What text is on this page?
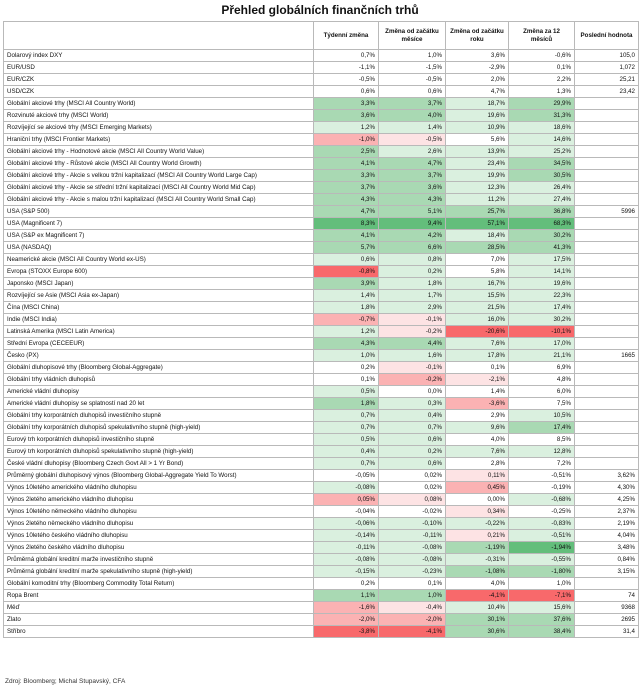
Přehled globálních finančních trhů
	Týdenní změna	Změna od začátku měsíce	Změna od začátku roku	Změna za 12 měsíců	Poslední hodnota
Dolarový index DXY	0,7%	1,0%	3,6%	-0,6%	105,0
EUR/USD	-1,1%	-1,5%	-2,9%	0,1%	1,072
EUR/CZK	-0,5%	-0,5%	2,0%	2,2%	25,21
USD/CZK	0,6%	0,6%	4,7%	1,3%	23,42
Globální akciové trhy (MSCI All Country World)	3,3%	3,7%	18,7%	29,9%	
Rozvinuté akciové trhy (MSCI World)	3,6%	4,0%	19,6%	31,3%	
Rozvíjející se akciové trhy (MSCI Emerging Markets)	1,2%	1,4%	10,9%	18,6%	
Hraniční trhy (MSCI Frontier Markets)	-1,0%	-0,5%	5,6%	14,6%	
Globální akciové trhy - Hodnotové akcie (MSCI All Country World Value)	2,5%	2,6%	13,9%	25,2%	
Globální akciové trhy - Růstové akcie (MSCI All Country World Growth)	4,1%	4,7%	23,4%	34,5%	
Globální akciové trhy - Akcie s velkou tržní kapitalizací (MSCI All Country World Large Cap)	3,3%	3,7%	19,9%	30,5%	
Globální akciové trhy - Akcie se střední tržní kapitalizací (MSCI All Country World Mid Cap)	3,7%	3,6%	12,3%	26,4%	
Globální akciové trhy - Akcie s malou tržní kapitalizací (MSCI All Country World Small Cap)	4,3%	4,3%	11,2%	27,4%	
USA (S&P 500)	4,7%	5,1%	25,7%	36,8%	5996
USA (Magnificent 7)	8,3%	9,4%	57,1%	68,3%	
USA (S&P ex Magnificent 7)	4,1%	4,2%	18,4%	30,2%	
USA (NASDAQ)	5,7%	6,6%	28,5%	41,3%	
Neamerické akcie (MSCI All Country World ex-US)	0,6%	0,8%	7,0%	17,5%	
Evropa (STOXX Europe 600)	-0,8%	0,2%	5,8%	14,1%	
Japonsko (MSCI Japan)	3,9%	1,8%	16,7%	19,6%	
Rozvíjející se Asie (MSCI Asia ex-Japan)	1,4%	1,7%	15,5%	22,3%	
Čína (MSCI China)	1,8%	2,9%	21,5%	17,4%	
Indie (MSCI India)	-0,7%	-0,1%	16,0%	30,2%	
Latinská Amerika (MSCI Latin America)	1,2%	-0,2%	-20,6%	-10,1%	
Střední Evropa (CECEEUR)	4,3%	4,4%	7,6%	17,0%	
Česko (PX)	1,0%	1,6%	17,8%	21,1%	1665
Globální dluhopisové trhy (Bloomberg Global-Aggregate)	0,2%	-0,1%	0,1%	6,9%	
Globální trhy vládních dluhopisů	0,1%	-0,2%	-2,1%	4,8%	
Americké vládní dluhopisy	0,5%	0,0%	1,4%	6,0%	
Americké vládní dluhopisy se splatností nad 20 let	1,8%	0,3%	-3,6%	7,5%	
Globální trhy korporátních dluhopisů investičního stupně	0,7%	0,4%	2,9%	10,5%	
Globální trhy korporátních dluhopisů spekulativního stupně (high-yield)	0,7%	0,7%	9,6%	17,4%	
Eurový trh korporátních dluhopisů investičního stupně	0,5%	0,6%	4,0%	8,5%	
Eurový trh korporátních dluhopisů spekulativního stupně (high-yield)	0,4%	0,2%	7,6%	12,8%	
České vládní dluhopisy (Bloomberg Czech Govt All > 1 Yr Bond)	0,7%	0,6%	2,8%	7,2%	
Průměrný globální dluhopisový výnos (Bloomberg Global-Aggregate Yield To Worst)	-0,05%	0,02%	0,11%	-0,51%	3,62%
Výnos 10letého amerického vládního dluhopisu	-0,08%	0,02%	0,45%	-0,19%	4,30%
Výnos 2letého amerického vládního dluhopisu	0,05%	0,08%	0,00%	-0,68%	4,25%
Výnos 10letého německého vládního dluhopisu	-0,04%	-0,02%	0,34%	-0,25%	2,37%
Výnos 2letého německého vládního dluhopisu	-0,06%	-0,10%	-0,22%	-0,83%	2,19%
Výnos 10letého českého vládního dluhopisu	-0,14%	-0,11%	0,21%	-0,51%	4,04%
Výnos 2letého českého vládního dluhopisu	-0,11%	-0,08%	-1,19%	-1,94%	3,48%
Průměrná globální kreditní marže investičního stupně	-0,08%	-0,08%	-0,31%	-0,55%	0,84%
Průměrná globální kreditní marže spekulativního stupně (high-yield)	-0,15%	-0,23%	-1,08%	-1,80%	3,15%
Globální komoditní trhy (Bloomberg Commodity Total Return)	0,2%	0,1%	4,0%	1,0%	
Ropa Brent	1,1%	1,0%	-4,1%	-7,1%	74
Měď	-1,6%	-0,4%	10,4%	15,6%	9368
Zlato	-2,0%	-2,0%	30,1%	37,6%	2695
Stříbro	-3,8%	-4,1%	30,6%	38,4%	31,4
Zdroj: Bloomberg; Michal Stupavský, CFA
